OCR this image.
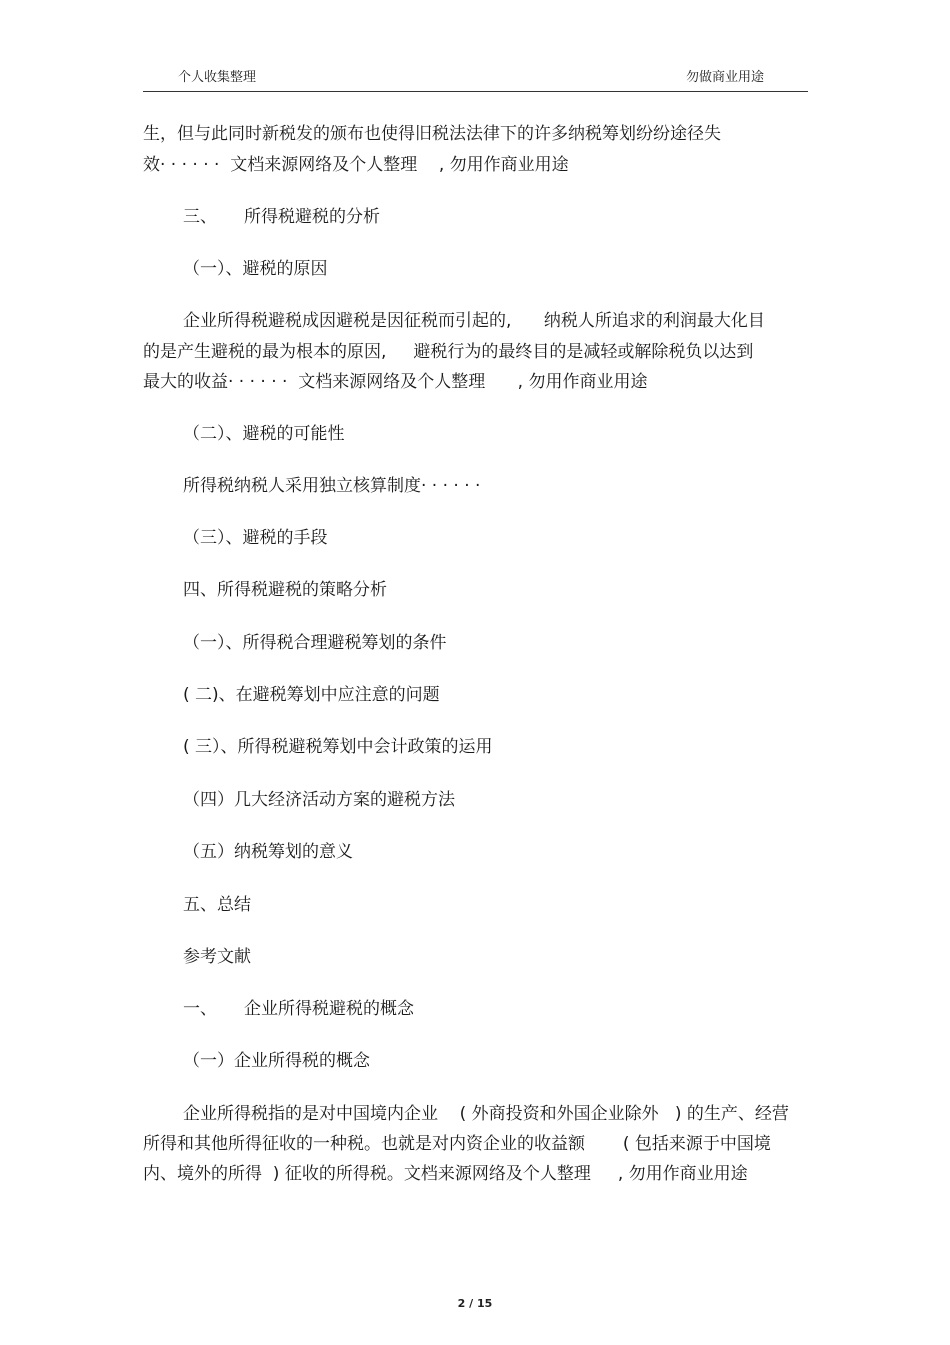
个人收集整理	勿做商业用途
生，但与此同时新税发的颁布也使得旧税法法律下的许多纳税筹划纷纷途径失
效· · · · · ·  文档来源网络及个人整理    , 勿用作商业用途
三、     所得税避税的分析
（一）、避税的原因
企业所得税避税成因避税是因征税而引起的,      纳税人所追求的利润最大化目
的是产生避税的最为根本的原因,     避税行为的最终目的是减轻或解除税负以达到
最大的收益· · · · · ·  文档来源网络及个人整理      , 勿用作商业用途
（二）、避税的可能性
所得税纳税人采用独立核算制度· · · · · ·
（三）、避税的手段
四、所得税避税的策略分析
（一）、所得税合理避税筹划的条件
( 二)、在避税筹划中应注意的问题
( 三）、所得税避税筹划中会计政策的运用
（四）几大经济活动方案的避税方法
（五）纳税筹划的意义
五、总结
参考文献
一、     企业所得税避税的概念
（一）企业所得税的概念
企业所得税指的是对中国境内企业    ( 外商投资和外国企业除外   ) 的生产、经营
所得和其他所得征收的一种税。也就是对内资企业的收益额       ( 包括来源于中国境
内、境外的所得  ) 征收的所得税。文档来源网络及个人整理     , 勿用作商业用途
2 / 15
